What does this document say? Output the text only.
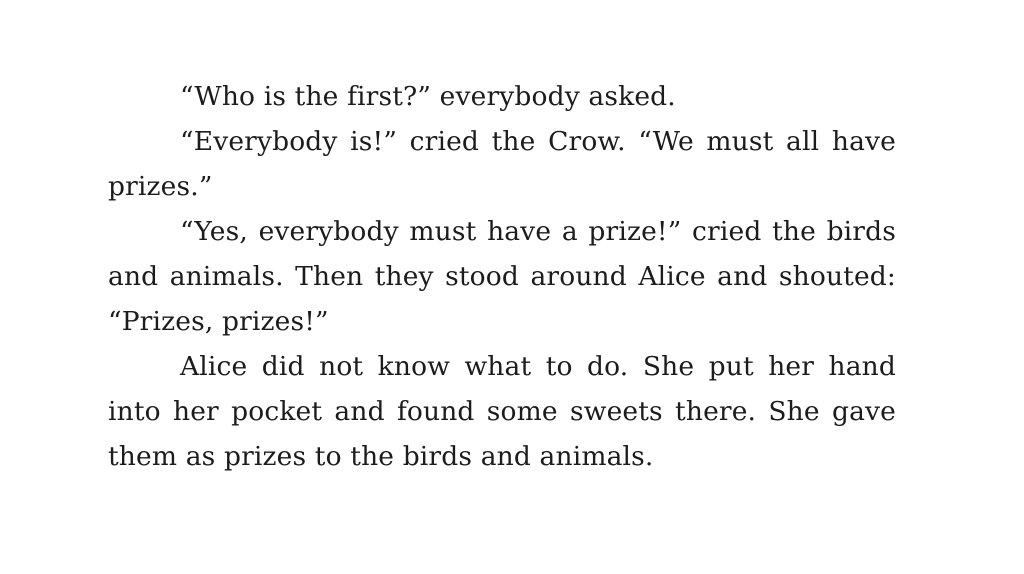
“Who is the first?” everybody asked.

“Everybody is!” cried the Crow. “We must all have prizes.”

“Yes, everybody must have a prize!” cried the birds and animals. Then they stood around Alice and shouted: “Prizes, prizes!”

Alice did not know what to do. She put her hand into her pocket and found some sweets there. She gave them as prizes to the birds and animals.
